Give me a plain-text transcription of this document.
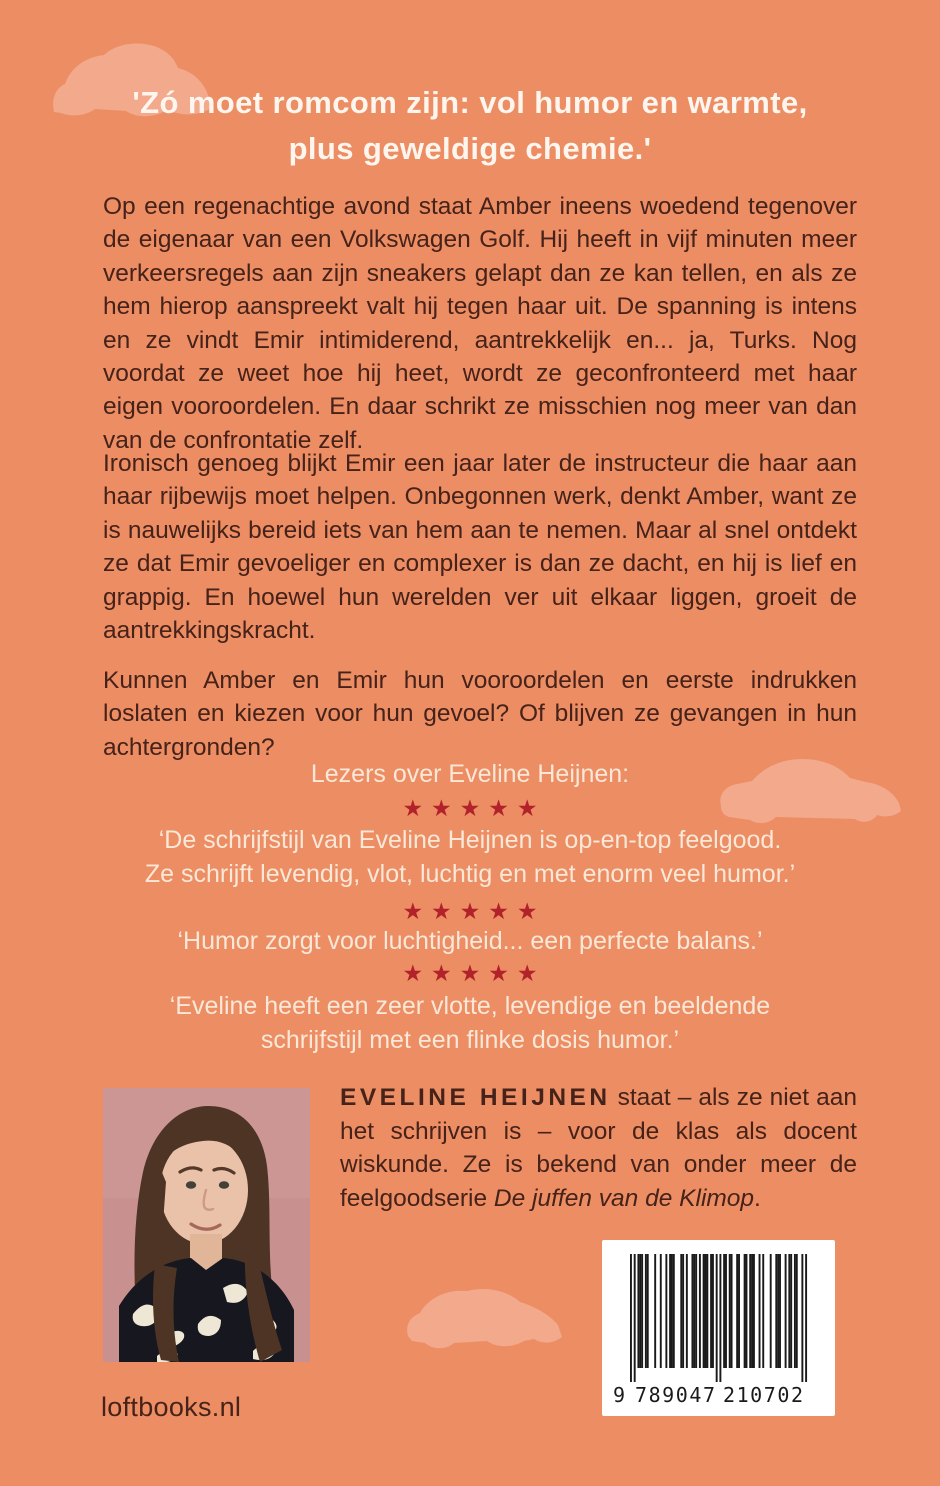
'Zó moet romcom zijn: vol humor en warmte,
plus geweldige chemie.'

Op een regenachtige avond staat Amber ineens woedend tegenover de eigenaar van een Volkswagen Golf. Hij heeft in vijf minuten meer verkeersregels aan zijn sneakers gelapt dan ze kan tellen, en als ze hem hierop aanspreekt valt hij tegen haar uit. De spanning is intens en ze vindt Emir intimiderend, aantrekkelijk en... ja, Turks. Nog voordat ze weet hoe hij heet, wordt ze geconfronteerd met haar eigen vooroordelen. En daar schrikt ze misschien nog meer van dan van de confrontatie zelf.

Ironisch genoeg blijkt Emir een jaar later de instructeur die haar aan haar rijbewijs moet helpen. Onbegonnen werk, denkt Amber, want ze is nauwelijks bereid iets van hem aan te nemen. Maar al snel ontdekt ze dat Emir gevoeliger en complexer is dan ze dacht, en hij is lief en grappig. En hoewel hun werelden ver uit elkaar liggen, groeit de aantrekkingskracht.

Kunnen Amber en Emir hun vooroordelen en eerste indrukken loslaten en kiezen voor hun gevoel? Of blijven ze gevangen in hun achtergronden?

Lezers over Eveline Heijnen:
★★★★★
‘De schrijfstijl van Eveline Heijnen is op-en-top feelgood.
Ze schrijft levendig, vlot, luchtig en met enorm veel humor.’
★★★★★
‘Humor zorgt voor luchtigheid... een perfecte balans.’
★★★★★
‘Eveline heeft een zeer vlotte, levendige en beeldende
schrijfstijl met een flinke dosis humor.’

EVELINE HEIJNEN staat – als ze niet aan het schrijven is – voor de klas als docent wiskunde. Ze is bekend van onder meer de feelgoodserie De juffen van de Klimop.

9 789047 210702
loftbooks.nl
